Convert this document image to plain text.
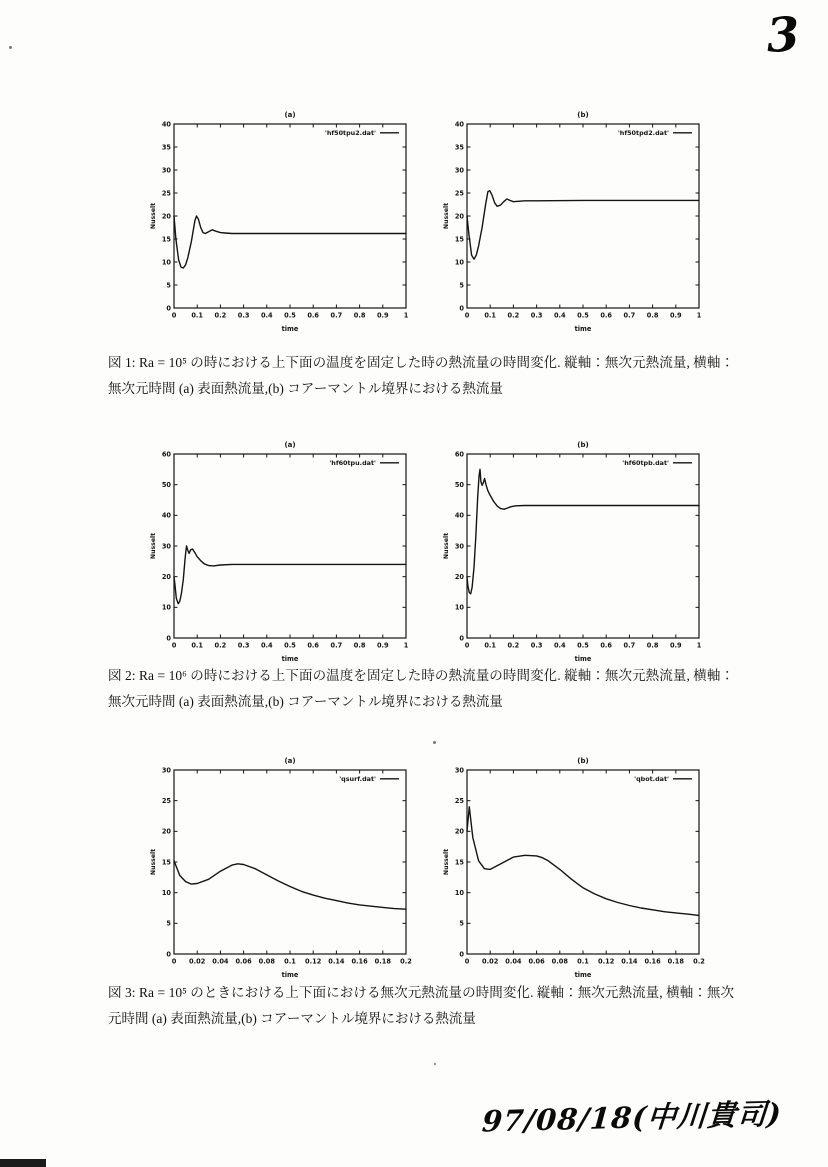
3
0 0.1 0.2 0.3 0.4 0.5 0.6 0.7 0.8 0.9 1
0
5
10
15
20
25
30
35
40
(a)
'hf50tpu2.dat'
time
Nusselt
0 0.1 0.2 0.3 0.4 0.5 0.6 0.7 0.8 0.9 1
0
5
10
15
20
25
30
35
40
(b)
'hf50tpd2.dat'
time
Nusselt
図 1: Ra = 10⁵ の時における上下面の温度を固定した時の熱流量の時間変化. 縦軸：無次元熱流量, 横軸：無次元時間 (a) 表面熱流量,(b) コアーマントル境界における熱流量
0 0.1 0.2 0.3 0.4 0.5 0.6 0.7 0.8 0.9 1
0
10
20
30
40
50
60
(a)
'hf60tpu.dat'
time
Nusselt
0 0.1 0.2 0.3 0.4 0.5 0.6 0.7 0.8 0.9 1
0
10
20
30
40
50
60
(b)
'hf60tpb.dat'
time
Nusselt
図 2: Ra = 10⁶ の時における上下面の温度を固定した時の熱流量の時間変化. 縦軸：無次元熱流量, 横軸：無次元時間 (a) 表面熱流量,(b) コアーマントル境界における熱流量
0 0.02 0.04 0.06 0.08 0.1 0.12 0.14 0.16 0.18 0.2
0
5
10
15
20
25
30
(a)
'qsurf.dat'
time
Nusselt
0 0.02 0.04 0.06 0.08 0.1 0.12 0.14 0.16 0.18 0.2
0
5
10
15
20
25
30
(b)
'qbot.dat'
time
Nusselt
図 3: Ra = 10⁵ のときにおける上下面における無次元熱流量の時間変化. 縦軸：無次元熱流量, 横軸：無次元時間 (a) 表面熱流量,(b) コアーマントル境界における熱流量
97/08/18(中川貴司)
